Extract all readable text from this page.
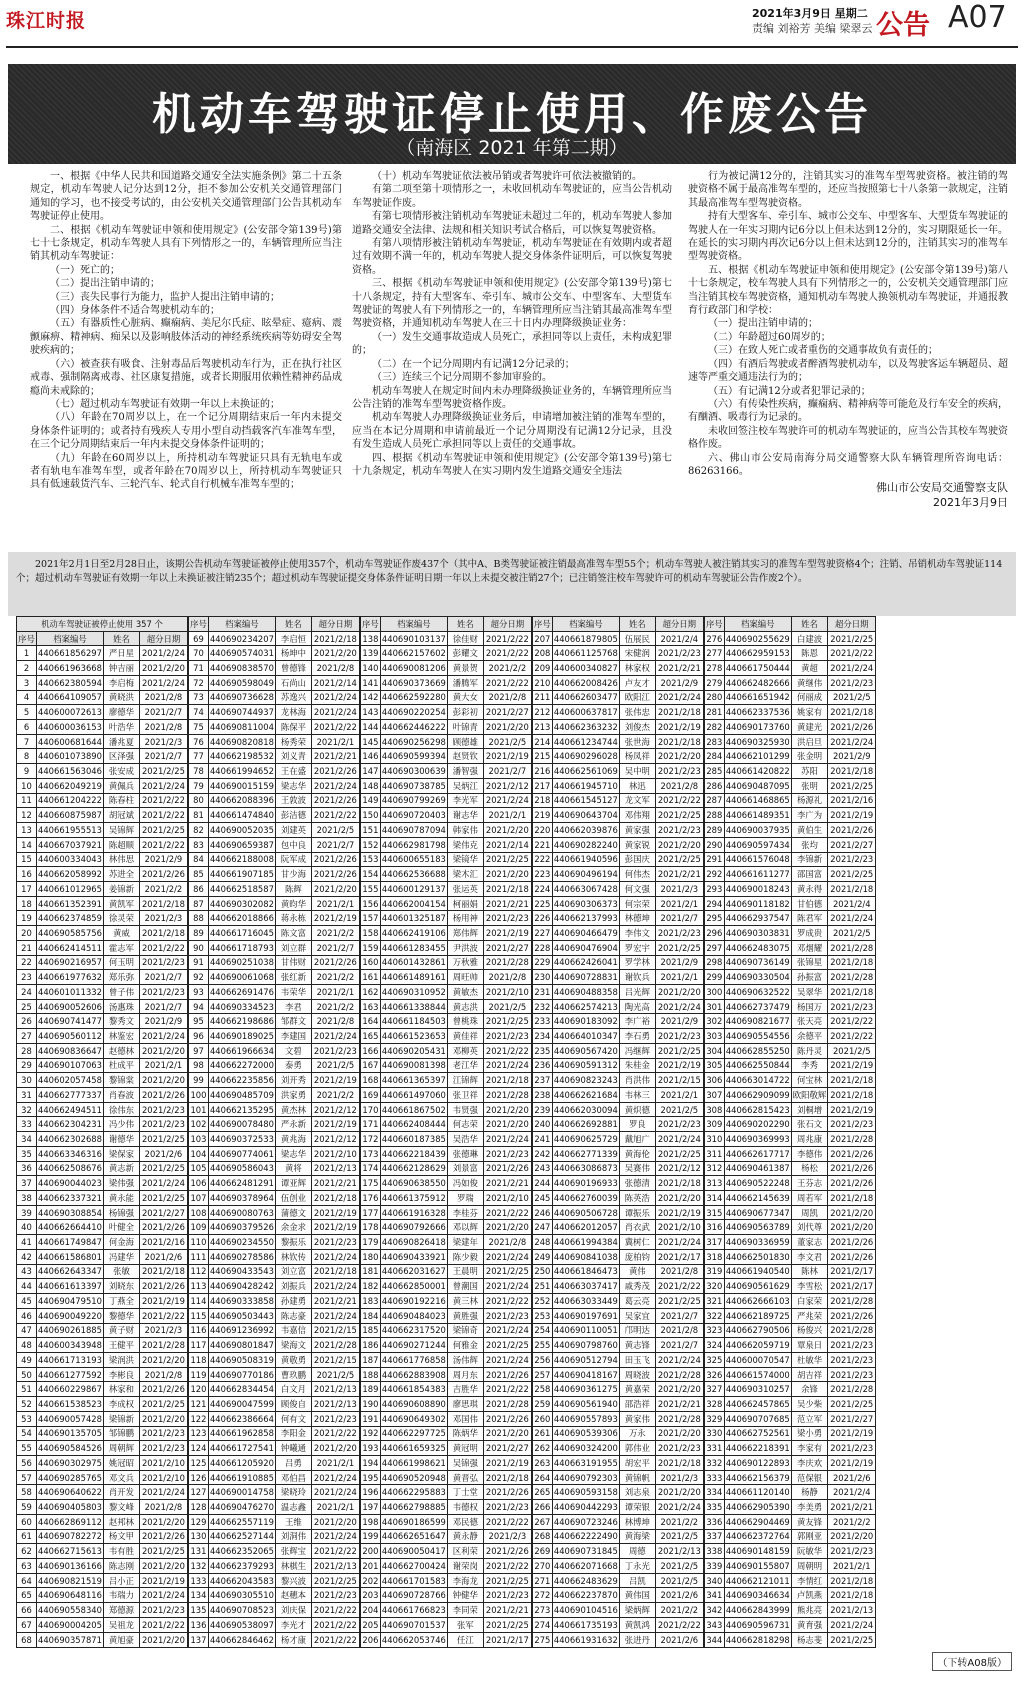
珠江时报	2021年3月9日 星期二
责编 刘裕芳 美编 梁翠云 公告 A07
机动车驾驶证停止使用、作废公告
（南海区 2021 年第二期）

一、根据《中华人民共和国道路交通安全法实施条例》第二十五条规定，机动车驾驶人记分达到12分，拒不参加公安机关交通管理部门通知的学习，也不接受考试的，由公安机关交通管理部门公告其机动车驾驶证停止使用。

二、根据《机动车驾驶证申领和使用规定》(公安部令第139号)第七十七条规定，机动车驾驶人具有下列情形之一的，车辆管理所应当注销其机动车驾驶证：

（一）死亡的；

（二）提出注销申请的；

（三）丧失民事行为能力，监护人提出注销申请的；

（四）身体条件不适合驾驶机动车的；

（五）有器质性心脏病、癫痫病、美尼尔氏症、眩晕症、癔病、震颤麻痹、精神病、痴呆以及影响肢体活动的神经系统疾病等妨碍安全驾驶疾病的；

（六）被查获有吸食、注射毒品后驾驶机动车行为，正在执行社区戒毒、强制隔离戒毒、社区康复措施，或者长期服用依赖性精神药品成瘾尚未戒除的；

（七）超过机动车驾驶证有效期一年以上未换证的；

（八）年龄在70周岁以上，在一个记分周期结束后一年内未提交身体条件证明的；或者持有残疾人专用小型自动挡载客汽车准驾车型，在三个记分周期结束后一年内未提交身体条件证明的；

（九）年龄在60周岁以上，所持机动车驾驶证只具有无轨电车或者有轨电车准驾车型，或者年龄在70周岁以上，所持机动车驾驶证只具有低速载货汽车、三轮汽车、轮式自行机械车准驾车型的；

（十）机动车驾驶证依法被吊销或者驾驶许可依法被撤销的。

有第二项至第十项情形之一，未收回机动车驾驶证的，应当公告机动车驾驶证作废。

有第七项情形被注销机动车驾驶证未超过二年的，机动车驾驶人参加道路交通安全法律、法规和相关知识考试合格后，可以恢复驾驶资格。

有第八项情形被注销机动车驾驶证，机动车驾驶证在有效期内或者超过有效期不满一年的，机动车驾驶人提交身体条件证明后，可以恢复驾驶资格。

三、根据《机动车驾驶证申领和使用规定》(公安部令第139号)第七十八条规定，持有大型客车、牵引车、城市公交车、中型客车、大型货车驾驶证的驾驶人有下列情形之一的，车辆管理所应当注销其最高准驾车型驾驶资格，并通知机动车驾驶人在三十日内办理降级换证业务：

（一）发生交通事故造成人员死亡，承担同等以上责任，未构成犯罪的；

（二）在一个记分周期内有记满12分记录的；

（三）连续三个记分周期不参加审验的。

机动车驾驶人在规定时间内未办理降级换证业务的，车辆管理所应当公告注销的准驾车型驾驶资格作废。

机动车驾驶人办理降级换证业务后，申请增加被注销的准驾车型的，应当在本记分周期和申请前最近一个记分周期没有记满12分记录，且没有发生造成人员死亡承担同等以上责任的交通事故。

四、根据《机动车驾驶证申领和使用规定》(公安部令第139号)第七十九条规定，机动车驾驶人在实习期内发生道路交通安全违法

行为被记满12分的，注销其实习的准驾车型驾驶资格。被注销的驾驶资格不属于最高准驾车型的，还应当按照第七十八条第一款规定，注销其最高准驾车型驾驶资格。

持有大型客车、牵引车、城市公交车、中型客车、大型货车驾驶证的驾驶人在一年实习期内记6分以上但未达到12分的，实习期限延长一年。在延长的实习期内再次记6分以上但未达到12分的，注销其实习的准驾车型驾驶资格。

五、根据《机动车驾驶证申领和使用规定》(公安部令第139号)第八十七条规定，校车驾驶人具有下列情形之一的，公安机关交通管理部门应当注销其校车驾驶资格，通知机动车驾驶人换领机动车驾驶证，并通报教育行政部门和学校：

（一）提出注销申请的；

（二）年龄超过60周岁的；

（三）在致人死亡或者重伤的交通事故负有责任的；

（四）有酒后驾驶或者醉酒驾驶机动车，以及驾驶客运车辆超员、超速等严重交通违法行为的；

（五）有记满12分或者犯罪记录的；

（六）有传染性疾病，癫痫病、精神病等可能危及行车安全的疾病，有酗酒、吸毒行为记录的。

未收回签注校车驾驶许可的机动车驾驶证的，应当公告其校车驾驶资格作废。

六、佛山市公安局南海分局交通警察大队车辆管理所咨询电话：86263166。

佛山市公安局交通警察支队
2021年3月9日
2021年2月1日至2月28日止，该期公告机动车驾驶证被停止使用357个，机动车驾驶证作废437个（其中A、B类驾驶证被注销最高准驾车型55个；机动车驾驶人被注销其实习的准驾车型驾驶资格4个；注销、吊销机动车驾驶证114个；超过机动车驾驶证有效期一年以上未换证被注销235个；超过机动车驾驶证提交身体条件证明日期一年以上未提交被注销27个；已注销签注校车驾驶许可的机动车驾驶证公告作废2个）。
机动车驾驶证被停止使用 357 个			
序号	档案编号	姓名	超分日期
1	440661856297	严日星	2021/2/24
2	440661963668	钟吉丽	2021/2/20
3	440662380594	李启梅	2021/2/24
4	440664109057	黄晓洪	2021/2/8
5	440600072613	廖德华	2021/2/7
6	440600036153	叶浩华	2021/2/8
7	440600681644	潘兆夏	2021/2/3
8	440601073890	区泽强	2021/2/7
9	440661563046	张安成	2021/2/25
10	440662049219	黄佩兵	2021/2/24
11	440661204222	陈春柱	2021/2/22
12	440660875987	胡冠斌	2021/2/22
13	440661955513	吴锦辉	2021/2/25
14	440667037921	陈超顺	2021/2/22
15	440600334043	林伟思	2021/2/9
16	440662058992	苏进全	2021/2/26
17	440661012965	姜锦新	2021/2/2
18	440661352391	黄凯军	2021/2/18
19	440662374859	徐灵荣	2021/2/3
20	440690585756	黄威	2021/2/18
21	440662414511	霍志军	2021/2/22
22	440690216957	何玉明	2021/2/23
23	440661977632	郑乐弥	2021/2/7
24	440601011332	曾子伟	2021/2/23
25	440690052606	汤惠珠	2021/2/7
26	440690741477	黎秀文	2021/2/9
27	440690560112	林鉴宏	2021/2/24
28	440690836647	赵德林	2021/2/20
29	440690107063	杜成平	2021/2/1
30	440602057458	黎锦棠	2021/2/20
31	440662777337	肖春波	2021/2/26
32	440662494511	徐伟东	2021/2/23
33	440662304231	冯少伟	2021/2/23
34	440662302688	谢德华	2021/2/25
35	440663346316	梁保家	2021/2/6
36	440662508676	黄志新	2021/2/25
37	440690044023	梁伟强	2021/2/24
38	440662337321	黄永能	2021/2/25
39	440690308854	杨锦强	2021/2/27
40	440662664410	叶健全	2021/2/26
41	440661749847	何金海	2021/2/16
42	440661586801	冯建华	2021/2/6
43	440662643347	张敏	2021/2/18
44	440661613397	刘晓东	2021/2/26
45	440690479510	丁燕全	2021/2/19
46	440690049220	黎德华	2021/2/22
47	440690261885	黄子财	2021/2/3
48	440600343948	王健平	2021/2/28
49	440661713193	梁润洪	2021/2/20
50	440661277592	李彬良	2021/2/8
51	440660229867	林家和	2021/2/26
52	440661538523	李成权	2021/2/25
53	440690057428	梁锦新	2021/2/20
54	440690135705	邹锦鹏	2021/2/23
55	440690584526	周朝辉	2021/2/23
56	440690302975	姚冠昭	2021/2/10
57	440690285765	邓文兵	2021/2/10
58	440690640622	肖开发	2021/2/24
59	440690405803	黎文峰	2021/2/8
60	440662869112	赵邦林	2021/2/20
61	440690782272	杨文甲	2021/2/26
62	440662715613	韦有胜	2021/2/25
63	440690136166	陈志刚	2021/2/20
64	440690821519	吕小正	2021/2/19
65	440690648116	韦瑞力	2021/2/24
66	440690558340	郑德源	2021/2/23
67	440690004205	吴祖龙	2021/2/22
68	440690357871	黄旭豪	2021/2/20
序号	档案编号	姓名	超分日期
69	440690234207	李启恒	2021/2/18
70	440690574031	杨坤中	2021/2/20
71	440690838570	曾德锋	2021/2/8
72	440690598049	石尚山	2021/2/14
73	440690736628	苏逸兴	2021/2/24
74	440690744937	龙林海	2021/2/24
75	440690811004	陈保平	2021/2/22
76	440690820818	杨秀荣	2021/2/1
77	440662198532	刘义青	2021/2/21
78	440661994652	王在盛	2021/2/26
79	440690015159	梁志华	2021/2/24
80	440662088396	王敦波	2021/2/26
81	440661474840	彭洁德	2021/2/22
82	440690052035	刘建英	2021/2/5
83	440690659387	包中良	2021/2/7
84	440662188008	阮军成	2021/2/26
85	440661907185	甘少海	2021/2/26
86	440662518587	陈辉	2021/2/20
87	440690302082	黄昀华	2021/2/1
88	440662018866	蒋永栋	2021/2/19
89	440661716045	陈文富	2021/2/2
90	440661718793	刘立群	2021/2/7
91	440690251038	甘伟财	2021/2/26
92	440690061068	张红新	2021/2/2
93	440662691476	韦荣华	2021/2/1
94	440690334523	李君	2021/2/2
95	440662198686	邹群文	2021/2/8
96	440690189025	李建国	2021/2/24
97	440661966634	文碧	2021/2/23
98	440662272000	泰勇	2021/2/5
99	440662235856	刘开秀	2021/2/19
100	440690485709	洪家勇	2021/2/2
101	440662135295	黄杰林	2021/2/12
102	440690078480	严永新	2021/2/19
103	440690372533	黄兆海	2021/2/12
104	440690774061	梁志华	2021/2/10
105	440690586043	黄将	2021/2/13
106	440662481291	谭亚辉	2021/2/21
107	440690378964	伍创业	2021/2/18
108	440690080763	蒲德文	2021/2/19
109	440690379526	余金求	2021/2/19
110	440690234550	黎振乐	2021/2/23
111	440690278586	林钦传	2021/2/24
112	440690433543	刘立富	2021/2/18
113	440690428242	刘振兵	2021/2/24
114	440690333858	孙建勇	2021/2/21
115	440690503443	陈志豪	2021/2/24
116	440691236992	韦嘉信	2021/2/15
117	440690801847	梁海文	2021/2/28
118	440690508319	黄敬勇	2021/2/15
119	440690770186	曹玖鹏	2021/2/5
120	440662834454	白文月	2021/2/13
121	440690047599	顾俊自	2021/2/13
122	440662386664	何有文	2021/2/23
123	440661962858	李阳金	2021/2/22
124	440661727541	钟曦通	2021/2/20
125	440661205920	吕勇	2021/2/1
126	440661910885	邓伯昌	2021/2/24
127	440690014758	梁晓玲	2021/2/24
128	440690476270	温志鑫	2021/2/1
129	440662557119	王维	2021/2/20
130	440662527144	刘洞伟	2021/2/24
131	440662352065	张辉宝	2021/2/22
132	440662379293	林棋生	2021/2/13
133	440662043583	黎兴波	2021/2/25
134	440690305510	赵穗本	2021/2/23
135	440690708523	刘庆保	2021/2/22
136	440690538097	李光才	2021/2/22
137	440662846462	杨才康	2021/2/22
序号	档案编号	姓名	超分日期
138	440690103137	徐佳财	2021/2/22
139	440662157602	彭耀文	2021/2/22
140	440690081206	黄景贺	2021/2/2
141	440690373669	潘腾军	2021/2/22
142	440662592280	黄大女	2021/2/8
143	440690220254	彭彩初	2021/2/27
144	440662446222	叶锦青	2021/2/20
145	440690256298	顾德雄	2021/2/5
146	440690599394	赵贤钦	2021/2/19
147	440690300639	潘智强	2021/2/7
148	440690738785	吴炳江	2021/2/12
149	440690799269	李光军	2021/2/24
150	440690720403	谢志华	2021/2/1
151	440690787094	韩家伟	2021/2/20
152	440662981798	梁伟克	2021/2/14
153	440600655183	梁镜华	2021/2/25
154	440662536688	梁木汇	2021/2/20
155	440600129137	张运英	2021/2/18
156	440662004154	柯丽娟	2021/2/21
157	440601325187	杨用神	2021/2/23
158	440662419106	郑伟辉	2021/2/19
159	440661283455	尹洪波	2021/2/27
160	440601432861	万秋雅	2021/2/28
161	440661489161	周旺帅	2021/2/8
162	440690310952	黄敏杰	2021/2/10
163	440661338844	黄志洪	2021/2/5
164	440661184503	曾桃珠	2021/2/25
165	440661523653	黄佳祥	2021/2/23
166	440690205431	邓柳英	2021/2/22
167	440690081398	老江华	2021/2/24
168	440661365397	江锦辉	2021/2/18
169	440661497060	张卫祥	2021/2/28
170	440661867502	韦贤强	2021/2/20
171	440662408444	何志荣	2021/2/20
172	440660187385	吴浩华	2021/2/24
173	440662218439	张德琳	2021/2/23
174	440662128629	刘景富	2021/2/26
175	440690638550	冯如俊	2021/2/21
176	440661375912	罗瑞	2021/2/10
177	440661916328	李桂芬	2021/2/22
178	440690792666	邓以辉	2021/2/20
179	440690826418	梁建年	2021/2/8
180	440690433921	陈少毅	2021/2/24
181	440662031627	王晨明	2021/2/25
182	440662850001	曾潮国	2021/2/24
183	440690192216	黄三林	2021/2/22
184	440690484023	黄胜强	2021/2/23
185	440662317520	梁锦奇	2021/2/24
186	440690271244	何雅金	2021/2/25
187	440661776858	汤伟辉	2021/2/24
188	440662883908	周月东	2021/2/26
189	440661854383	吉胜华	2021/2/22
190	440690608890	廖思琪	2021/2/28
191	440690649302	邓国伟	2021/2/26
192	440662297725	陈炳华	2021/2/20
193	440661659325	黄冠明	2021/2/27
194	440661998621	吴锦强	2021/2/19
195	440690520948	黄晋弘	2021/2/18
196	440662295883	丁士堂	2021/2/26
197	440662798885	韦德权	2021/2/23
198	440690186599	邓民德	2021/2/22
199	440662651647	黄永静	2021/2/3
200	440690050417	区利荣	2021/2/26
201	440662700424	谢荣岗	2021/2/22
202	440661701583	李海龙	2021/2/25
203	440690728766	钟健华	2021/2/23
204	440661766823	李同荣	2021/2/21
205	440690701537	张军	2021/2/25
206	440662053746	任江	2021/2/17
序号	档案编号	姓名	超分日期
207	440661879805	伍展民	2021/2/4
208	440661125768	宋健润	2021/2/23
209	440600340827	林家权	2021/2/21
210	440662008426	卢友才	2021/2/9
211	440662603477	欧阳江	2021/2/24
212	440600637817	张伟忠	2021/2/18
213	440662363232	刘俊杰	2021/2/19
214	440661234744	张世海	2021/2/18
215	440690296028	杨凤祥	2021/2/20
216	440662561069	吴中明	2021/2/23
217	440661945710	林迅	2021/2/8
218	440661545127	龙文军	2021/2/22
219	440690643704	邓伟翔	2021/2/25
220	440662039876	黄家强	2021/2/23
221	440690282240	黄家锐	2021/2/20
222	440661940596	彭国庆	2021/2/25
223	440690496194	何伟杰	2021/2/21
224	440663067428	何文强	2021/2/3
225	440690306373	何宗荣	2021/2/1
226	440662137993	林德坤	2021/2/7
227	440690466479	李伟文	2021/2/23
228	440690476904	罗宏宇	2021/2/25
229	440662426041	罗学林	2021/2/9
230	440690728831	谢钦兵	2021/2/1
231	440690488358	吕光辉	2021/2/20
232	440662574213	陶光高	2021/2/24
233	440690183092	李广裕	2021/2/9
234	440664010347	李石勇	2021/2/23
235	440690567420	冯继辉	2021/2/25
236	440690591312	朱桂金	2021/2/19
237	440690823243	肖洪伟	2021/2/15
238	440662621684	韦林三	2021/2/1
239	440662030094	黄炽德	2021/2/5
240	440662692881	罗良	2021/2/23
241	440690625729	戴旭广	2021/2/24
242	440662771339	黄海伦	2021/2/25
243	440663086873	吴赛伟	2021/2/12
244	440690196933	张德清	2021/2/18
245	440662760039	陈英浩	2021/2/20
246	440690506728	谭振乐	2021/2/19
247	440662012057	肖衣武	2021/2/10
248	440661994384	冀树仁	2021/2/24
249	440690841038	庞柏钧	2021/2/17
250	440661846473	黄伟	2021/2/8
251	440663037417	戚秀茂	2021/2/22
252	440663033449	葛云亮	2021/2/25
253	440690197691	吴家宜	2021/2/7
254	440690110051	邝明达	2021/2/8
255	440690798760	黄志锋	2021/2/7
256	440690512794	田玉飞	2021/2/24
257	440690418167	周晓波	2021/2/28
258	440690361275	黄嘉荣	2021/2/20
259	440690561940	邵浩祥	2021/2/21
260	440690557893	黄家伟	2021/2/28
261	440690539306	万永	2021/2/20
262	440690324200	郭伟业	2021/2/23
263	440663191955	胡宏平	2021/2/18
264	440690792303	黄锦帆	2021/2/3
265	440690593158	刘志泉	2021/2/20
266	440690442293	谭荣银	2021/2/24
267	440690723246	林博坤	2021/2/2
268	440662222490	黄海梁	2021/2/5
269	440690731845	周德	2021/2/13
270	440662071668	丁永光	2021/2/5
271	440662483629	吕凯	2021/2/5
272	440662237870	黄伟国	2021/2/6
273	440690104516	梁炳辉	2021/2/2
274	440661735193	黄凯鸿	2021/2/22
275	440661931632	张进丹	2021/2/6
序号	档案编号	姓名	超分日期
276	440690255629	白建波	2021/2/25
277	440662959153	陈恩	2021/2/22
278	440661750444	黄超	2021/2/24
279	440662482666	黄继伟	2021/2/23
280	440661651942	何丽成	2021/2/5
281	440662337536	姚家有	2021/2/18
282	440690173760	黄建光	2021/2/26
283	440690325930	洪启旦	2021/2/24
284	440662101299	张金明	2021/2/9
285	440661420822	苏阳	2021/2/18
286	440690487095	张明	2021/2/25
287	440661468865	杨源礼	2021/2/16
288	440661489351	李广为	2021/2/19
289	440690037935	黄伯生	2021/2/26
290	440690597434	张均	2021/2/27
291	440661576048	李锦新	2021/2/23
292	440661611277	邵国富	2021/2/25
293	440690018243	黄永得	2021/2/18
294	440690118182	甘伯德	2021/2/4
295	440662937547	陈君军	2021/2/24
296	440690303831	罗成贵	2021/2/5
297	440662483075	邓烟耀	2021/2/28
298	440690736149	张锦星	2021/2/18
299	440690330504	孙振富	2021/2/28
300	440690632522	吴翠华	2021/2/18
301	440662737479	杨国万	2021/2/23
302	440690821677	张天亮	2021/2/22
303	440690554556	余德平	2021/2/22
304	440662855250	陈丹灵	2021/2/5
305	440662550844	李秀	2021/2/19
306	440663014722	何宝林	2021/2/18
307	440662909099	欧阳敬辉	2021/2/18
308	440662815423	刘桐增	2021/2/19
309	440690202290	张石文	2021/2/23
310	440690369993	周兆康	2021/2/28
311	440662617717	李德伟	2021/2/26
312	440690461387	杨松	2021/2/26
313	440690522248	王芬志	2021/2/26
314	440662145639	周若军	2021/2/18
315	440690677347	周凯	2021/2/20
316	440690563789	刘代尊	2021/2/20
317	440690336959	董家志	2021/2/26
318	440662501830	李文君	2021/2/26
319	440661940540	陈林	2021/2/17
320	440690561629	李雪松	2021/2/17
321	440662666103	白家荣	2021/2/28
322	440662189725	严兆荣	2021/2/26
323	440662790506	杨俊兴	2021/2/28
324	440662059719	覃泉日	2021/2/23
325	440600070547	杜敏华	2021/2/23
326	440661574000	胡吉祥	2021/2/23
327	440690310257	余锋	2021/2/28
328	440662457865	吴少柴	2021/2/25
329	440690707685	范立军	2021/2/27
330	440662752561	梁小勇	2021/2/19
331	440662218391	李家有	2021/2/23
332	440690122893	李庆欢	2021/2/19
333	440662156379	范保银	2021/2/6
334	440661120140	杨静	2021/2/4
335	440662905390	李美勇	2021/2/21
336	440662904469	黄友锋	2021/2/2
337	440662372764	郭刚亚	2021/2/20
338	440690148159	阮敏华	2021/2/23
339	440690155807	周朝明	2021/2/1
340	440662121011	李情红	2021/2/18
341	440690346634	卢凯燕	2021/2/18
342	440662843999	熊兆亮	2021/2/13
343	440690596731	黄育强	2021/2/24
344	440662818298	杨志斐	2021/2/25
（下转A08版）
